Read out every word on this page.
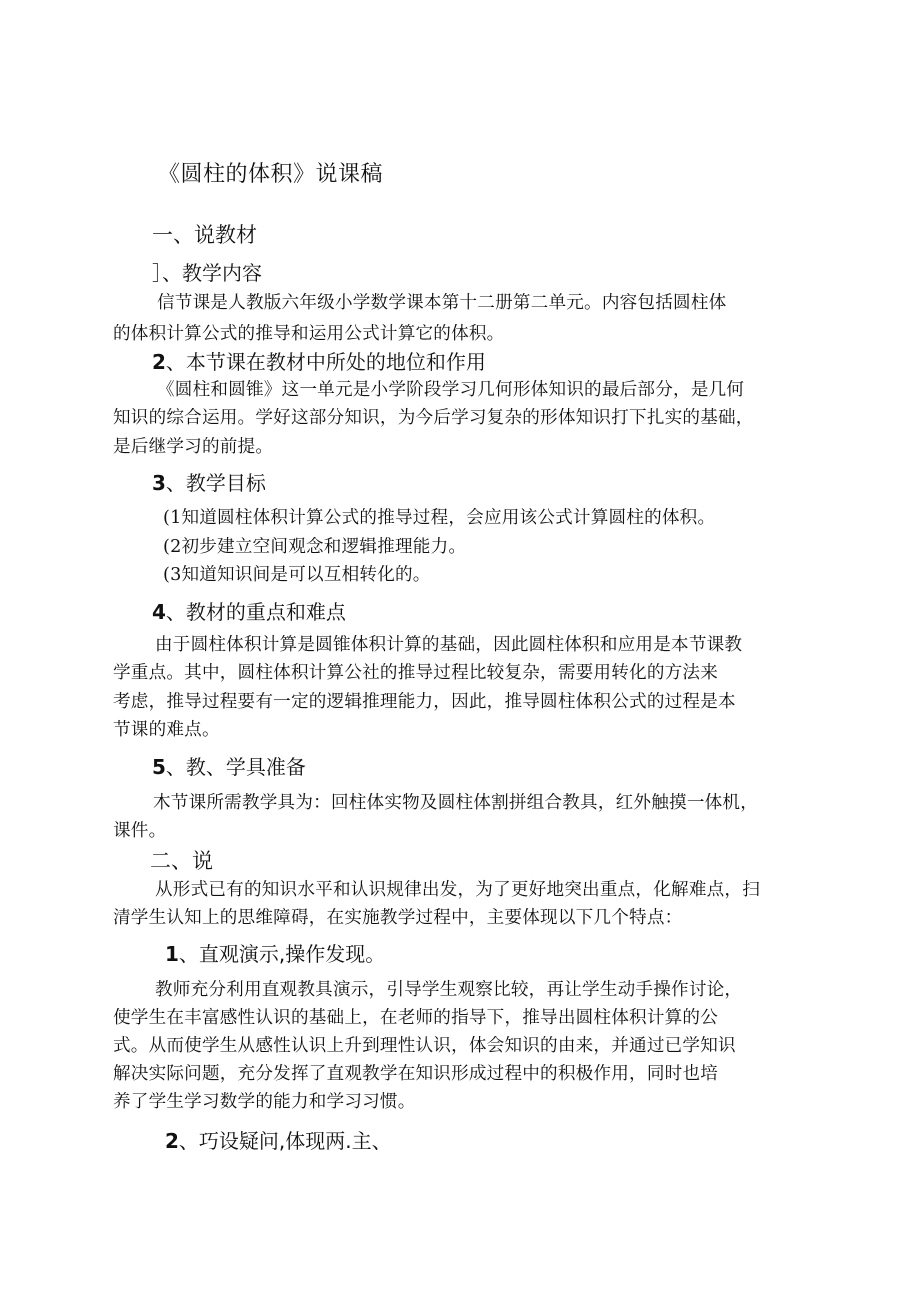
《圆柱的体积》说课稿

一、说教材

］、教学内容

信节课是人教版六年级小学数学课本第十二册第二单元。内容包括圆柱体

的体积计算公式的推导和运用公式计算它的体积。

2、本节课在教材中所处的地位和作用

《圆柱和圆锥》这一单元是小学阶段学习几何形体知识的最后部分，是几何

知识的综合运用。学好这部分知识，为今后学习复杂的形体知识打下扎实的基础，

是后继学习的前提。

3、教学目标

(1知道圆柱体积计算公式的推导过程，会应用该公式计算圆柱的体积。

(2初步建立空间观念和逻辑推理能力。

(3知道知识间是可以互相转化的。

4、教材的重点和难点

由于圆柱体积计算是圆锥体积计算的基础，因此圆柱体积和应用是本节课教

学重点。其中，圆柱体积计算公社的推导过程比较复杂，需要用转化的方法来

考虑，推导过程要有一定的逻辑推理能力，因此，推导圆柱体积公式的过程是本

节课的难点。

5、教、学具准备

木节课所需教学具为：回柱体实物及圆柱体割拼组合教具，红外触摸一体机，

课件。

二、说

从形式已有的知识水平和认识规律出发，为了更好地突出重点，化解难点，扫

清学生认知上的思维障碍，在实施教学过程中，主要体现以下几个特点：

1、直观演示,操作发现。

教师充分利用直观教具演示，引导学生观察比较，再让学生动手操作讨论，

使学生在丰富感性认识的基础上，在老师的指导下，推导出圆柱体积计算的公

式。从而使学生从感性认识上升到理性认识，体会知识的由来，并通过已学知识

解决实际问题，充分发挥了直观教学在知识形成过程中的积极作用，同时也培

养了学生学习数学的能力和学习习惯。

2、巧设疑问,体现两.主、
